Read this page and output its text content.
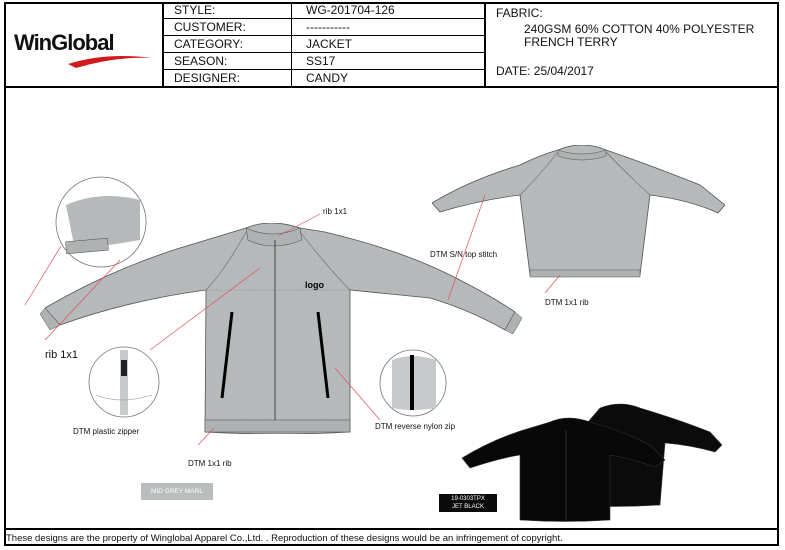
WinGlobal
STYLE:	WG-201704-126
CUSTOMER:	-----------
CATEGORY:	JACKET
SEASON:	SS17
DESIGNER:	CANDY
FABRIC:
240GSM 60% COTTON 40% POLYESTER
FRENCH TERRY
DATE: 25/04/2017
logo
rib 1x1
rib 1x1
DTM S/N top stitch
DTM 1x1 rib
DTM plastic zipper
DTM 1x1 rib
DTM reverse nylon zip
MID GREY MARL
19-0303TPX
JET BLACK
These designs are the property of Winglobal Apparel Co.,Ltd. . Reproduction of these designs would be an infringement of copyright.
